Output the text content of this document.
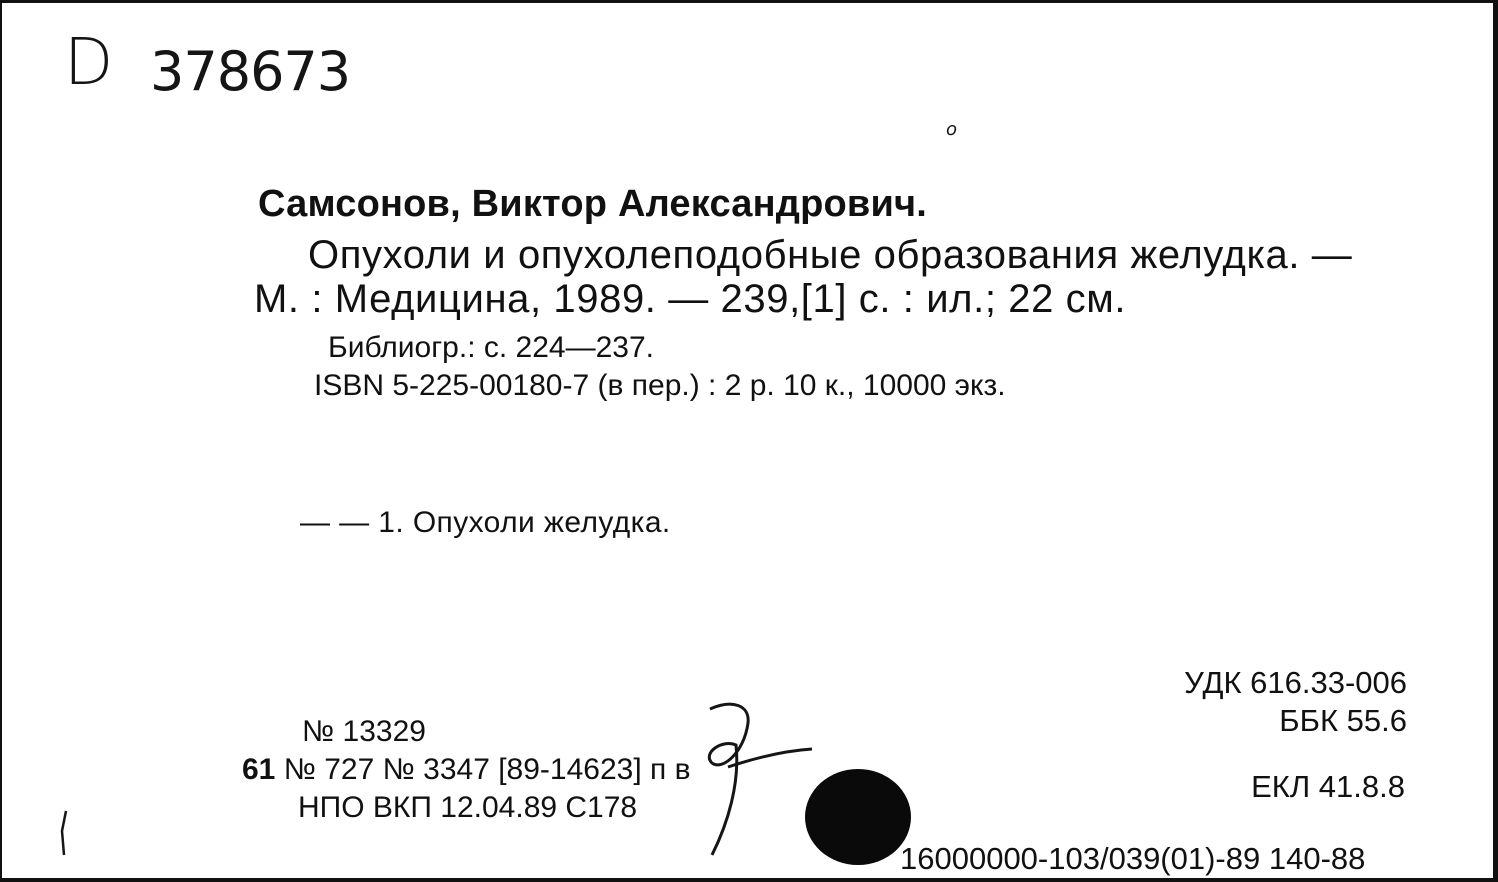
D 378673
o
Самсонов, Виктор Александрович.
Опухоли и опухолеподобные образования желудка. —
М. : Медицина, 1989. — 239,[1] с. : ил.; 22 см.
Библиогр.: с. 224—237.
ISBN 5-225-00180-7 (в пер.) : 2 р. 10 к., 10000 экз.
— — 1. Опухоли желудка.
УДК 616.33-006
ББК 55.6
ЕКЛ 41.8.8
№ 13329
61 № 727 № 3347 [89-14623] п в
НПО ВКП 12.04.89 С178
16000000-103/039(01)-89 140-88
